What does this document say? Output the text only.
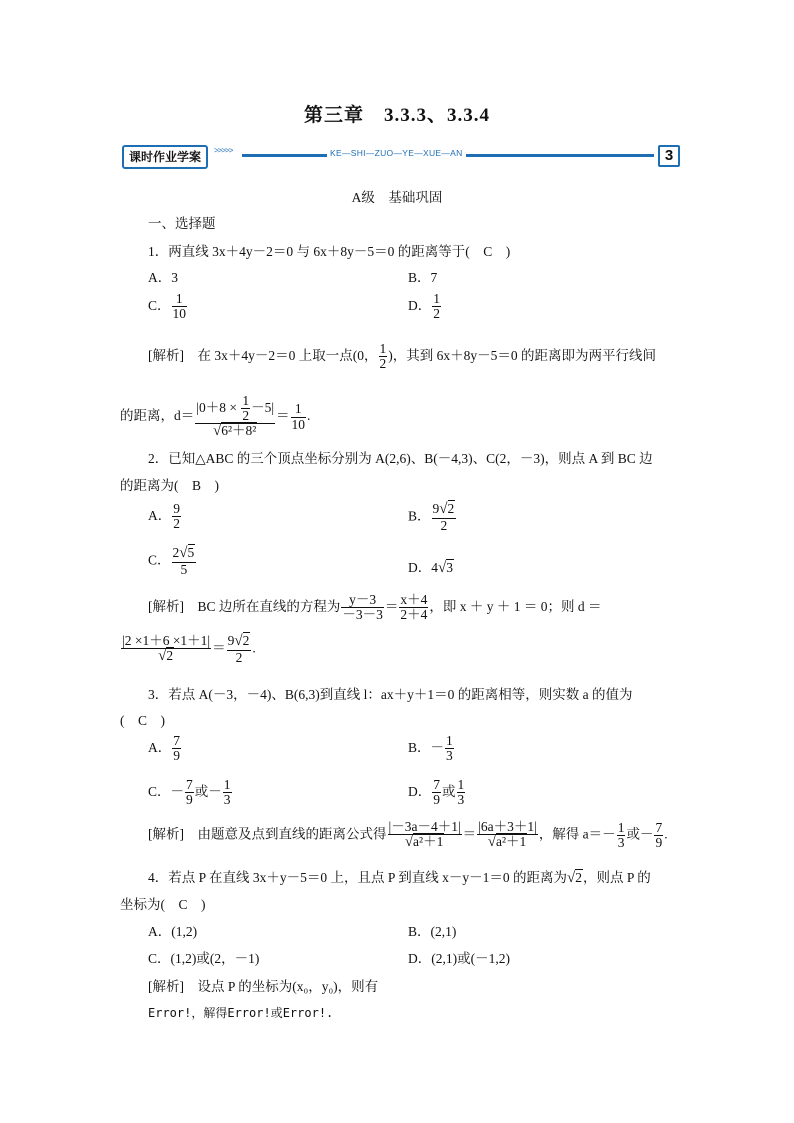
第三章　3.3.3、3.3.4
课时作业学案	>>>>>	KE—SHI—ZUO—YE—XUE—AN	3
A级　基础巩固
一、选择题
1．两直线 3x＋4y－2＝0 与 6x＋8y－5＝0 的距离等于(　C　)
A．3	B．7
C． $\frac{1}{10}$	D． $\frac{1}{2}$
[解析]　 在 3x＋4y－2＝0 上取一点(0， $\frac{1}{2}$ )，其到 6x＋8y－5＝0 的距离即为两平行线间
的距离，$d= \frac{|0+8 \times \frac{1}{2} -5|}{\text{√6²＋8²}} = \frac{1}{10}$ .
2．已知△ABC 的三个顶点坐标分别为 A(2,6)、B(－4,3)、C(2，－3)，则点 A 到 BC 边
的距离为(　B　)
A． $\frac{9}{2}$	B． $\frac{9√2}{2}$
C． $\frac{2√5}{5}$	D．4√3
[解析]　 BC 边所在直线的方程为 $\frac{y-3}{-3-3} = \frac{x+4}{2+4}$ ，即 x ＋ y ＋ 1 ＝ 0；则 d ＝
$\frac{|2 \times 1+6 \times 1+1|}{√2} = \frac{9√2}{2}$ .
3．若点 A(－3，－4)、B(6,3)到直线 l：ax＋y＋1＝0 的距离相等，则实数 a 的值为
(　C　)
A． $\frac{7}{9}$	B．－ $\frac{1}{3}$
C．－ $\frac{7}{9}$ 或－ $\frac{1}{3}$	D． $\frac{7}{9}$ 或 $\frac{1}{3}$
[解析]　 由题意及点到直线的距离公式得 $\frac{|-3a-4+1|}{\text{√a²＋1}} = \frac{|6a+3+1|}{\text{√a²＋1}}$ ，解得 $a=- \frac{1}{3}$ 或－ $\frac{7}{9}$ .
4．若点 P 在直线 3x＋y－5＝0 上，且点 P 到直线 x－y－1＝0 的距离为√2，则点 P 的
坐标为(　C　)
A．(1,2)	B．(2,1)
C．(1,2)或(2，－1)	D．(2,1)或(－1,2)
[解析]　 设点 P 的坐标为(x₀，y₀)，则有
Error!，解得Error!或Error!.
